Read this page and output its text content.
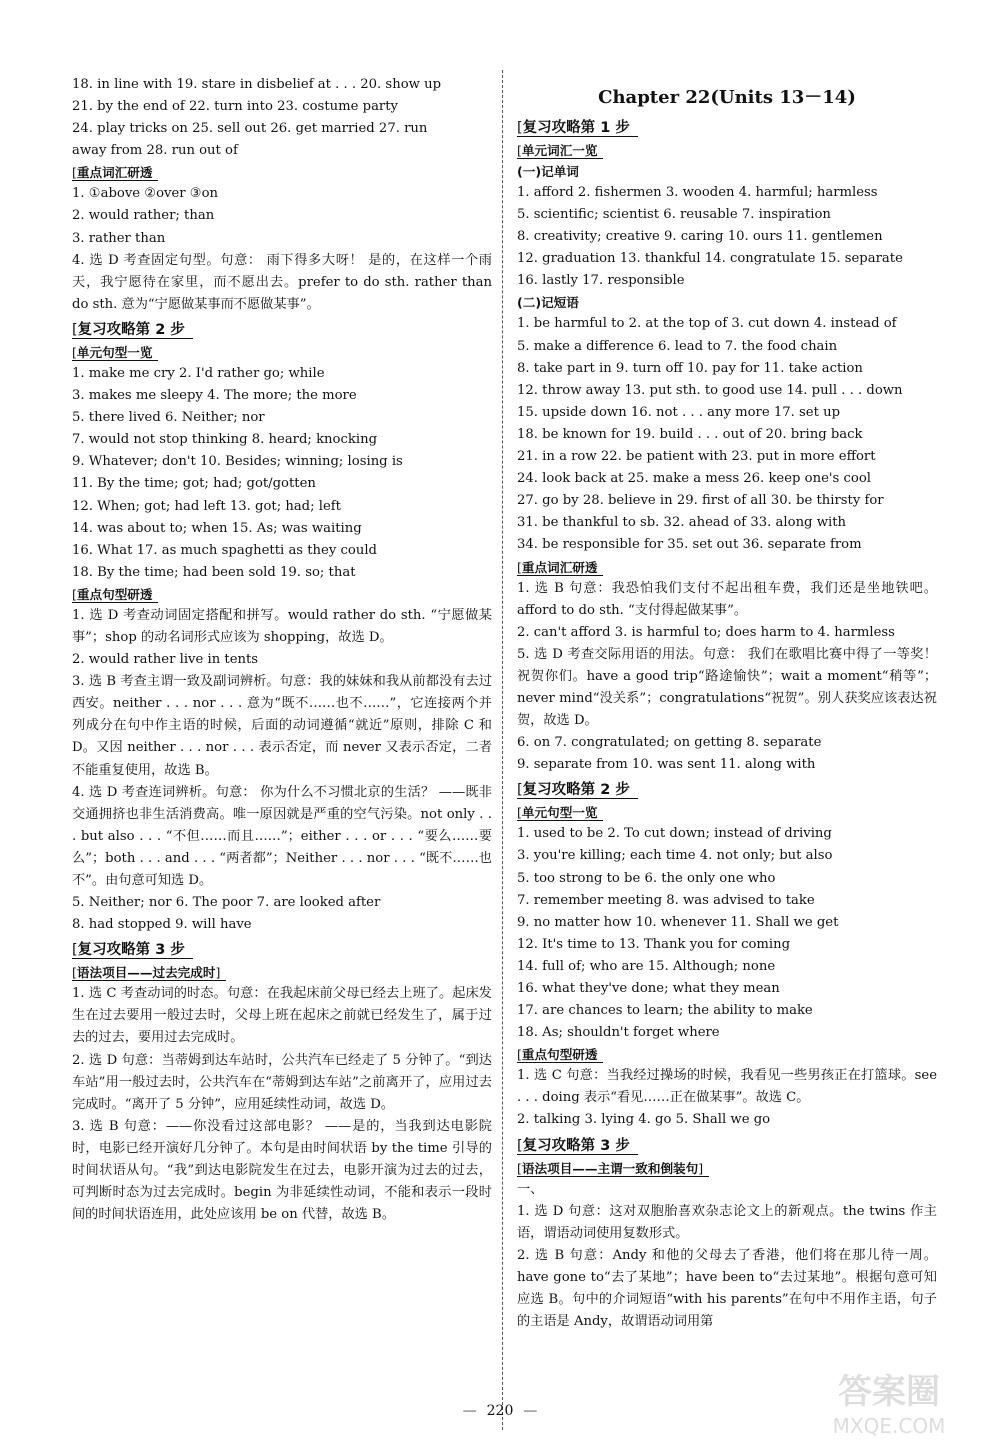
18. in line with 19. stare in disbelief at . . . 20. show up
21. by the end of 22. turn into 23. costume party
24. play tricks on 25. sell out 26. get married 27. run
away from 28. run out of
[ 重点词汇研透
1. ①above ②over ③on
2. would rather; than
3. rather than
4. 选 D 考查固定句型。句意： 雨下得多大呀！ 是的，在这样一个雨天，我宁愿待在家里，而不愿出去。prefer to do sth. rather than do sth. 意为“宁愿做某事而不愿做某事”。
[ 复习攻略第 2 步
[ 单元句型一览
1. make me cry 2. I'd rather go; while
3. makes me sleepy 4. The more; the more
5. there lived 6. Neither; nor
7. would not stop thinking 8. heard; knocking
9. Whatever; don't 10. Besides; winning; losing is
11. By the time; got; had; got/gotten
12. When; got; had left 13. got; had; left
14. was about to; when 15. As; was waiting
16. What 17. as much spaghetti as they could
18. By the time; had been sold 19. so; that
[ 重点句型研透
1. 选 D 考查动词固定搭配和拼写。would rather do sth. “宁愿做某事”；shop 的动名词形式应该为 shopping，故选 D。
2. would rather live in tents
3. 选 B 考查主谓一致及副词辨析。句意：我的妹妹和我从前都没有去过西安。neither . . . nor . . . 意为“既不……也不……”，它连接两个并列成分在句中作主语的时候，后面的动词遵循“就近”原则，排除 C 和 D。又因 neither . . . nor . . . 表示否定，而 never 又表示否定，二者不能重复使用，故选 B。
4. 选 D 考查连词辨析。句意： 你为什么不习惯北京的生活？ ——既非交通拥挤也非生活消费高。唯一原因就是严重的空气污染。not only . . . but also . . . “不但……而且……”；either . . . or . . . “要么……要么”；both . . . and . . . “两者都”；Neither . . . nor . . . “既不……也不”。由句意可知选 D。
5. Neither; nor 6. The poor 7. are looked after
8. had stopped 9. will have
[ 复习攻略第 3 步
[ 语法项目——过去完成时 ]
1. 选 C 考查动词的时态。句意：在我起床前父母已经去上班了。起床发生在过去要用一般过去时，父母上班在起床之前就已经发生了，属于过去的过去，要用过去完成时。
2. 选 D 句意：当蒂姆到达车站时，公共汽车已经走了 5 分钟了。“到达车站”用一般过去时，公共汽车在“蒂姆到达车站”之前离开了，应用过去完成时。“离开了 5 分钟”，应用延续性动词，故选 D。
3. 选 B 句意：——你没看过这部电影？ ——是的，当我到达电影院时，电影已经开演好几分钟了。本句是由时间状语 by the time 引导的时间状语从句。“我”到达电影院发生在过去，电影开演为过去的过去，可判断时态为过去完成时。begin 为非延续性动词，不能和表示一段时间的时间状语连用，此处应该用 be on 代替，故选 B。
Chapter 22(Units 13－14)
[ 复习攻略第 1 步
[ 单元词汇一览
(一)记单词
1. afford 2. fishermen 3. wooden 4. harmful; harmless
5. scientific; scientist 6. reusable 7. inspiration
8. creativity; creative 9. caring 10. ours 11. gentlemen
12. graduation 13. thankful 14. congratulate 15. separate
16. lastly 17. responsible
(二)记短语
1. be harmful to 2. at the top of 3. cut down 4. instead of
5. make a difference 6. lead to 7. the food chain
8. take part in 9. turn off 10. pay for 11. take action
12. throw away 13. put sth. to good use 14. pull . . . down
15. upside down 16. not . . . any more 17. set up
18. be known for 19. build . . . out of 20. bring back
21. in a row 22. be patient with 23. put in more effort
24. look back at 25. make a mess 26. keep one's cool
27. go by 28. believe in 29. first of all 30. be thirsty for
31. be thankful to sb. 32. ahead of 33. along with
34. be responsible for 35. set out 36. separate from
[ 重点词汇研透
1. 选 B 句意：我恐怕我们支付不起出租车费，我们还是坐地铁吧。afford to do sth. “支付得起做某事”。
2. can't afford 3. is harmful to; does harm to 4. harmless
5. 选 D 考查交际用语的用法。句意： 我们在歌唱比赛中得了一等奖！ 祝贺你们。have a good trip“路途愉快”；wait a moment“稍等”；never mind“没关系”；congratulations“祝贺”。别人获奖应该表达祝贺，故选 D。
6. on 7. congratulated; on getting 8. separate
9. separate from 10. was sent 11. along with
[ 复习攻略第 2 步
[ 单元句型一览
1. used to be 2. To cut down; instead of driving
3. you're killing; each time 4. not only; but also
5. too strong to be 6. the only one who
7. remember meeting 8. was advised to take
9. no matter how 10. whenever 11. Shall we get
12. It's time to 13. Thank you for coming
14. full of; who are 15. Although; none
16. what they've done; what they mean
17. are chances to learn; the ability to make
18. As; shouldn't forget where
[ 重点句型研透
1. 选 C 句意：当我经过操场的时候，我看见一些男孩正在打篮球。see . . . doing 表示“看见……正在做某事”。故选 C。
2. talking 3. lying 4. go 5. Shall we go
[ 复习攻略第 3 步
[ 语法项目——主谓一致和倒装句 ]
一、
1. 选 D 句意：这对双胞胎喜欢杂志论文上的新观点。the twins 作主语，谓语动词使用复数形式。
2. 选 B 句意：Andy 和他的父母去了香港，他们将在那儿待一周。have gone to“去了某地”；have been to“去过某地”。根据句意可知应选 B。句中的介词短语“with his parents”在句中不用作主语，句子的主语是 Andy，故谓语动词用第
— 220 —	答案圈
MXQE.COM
